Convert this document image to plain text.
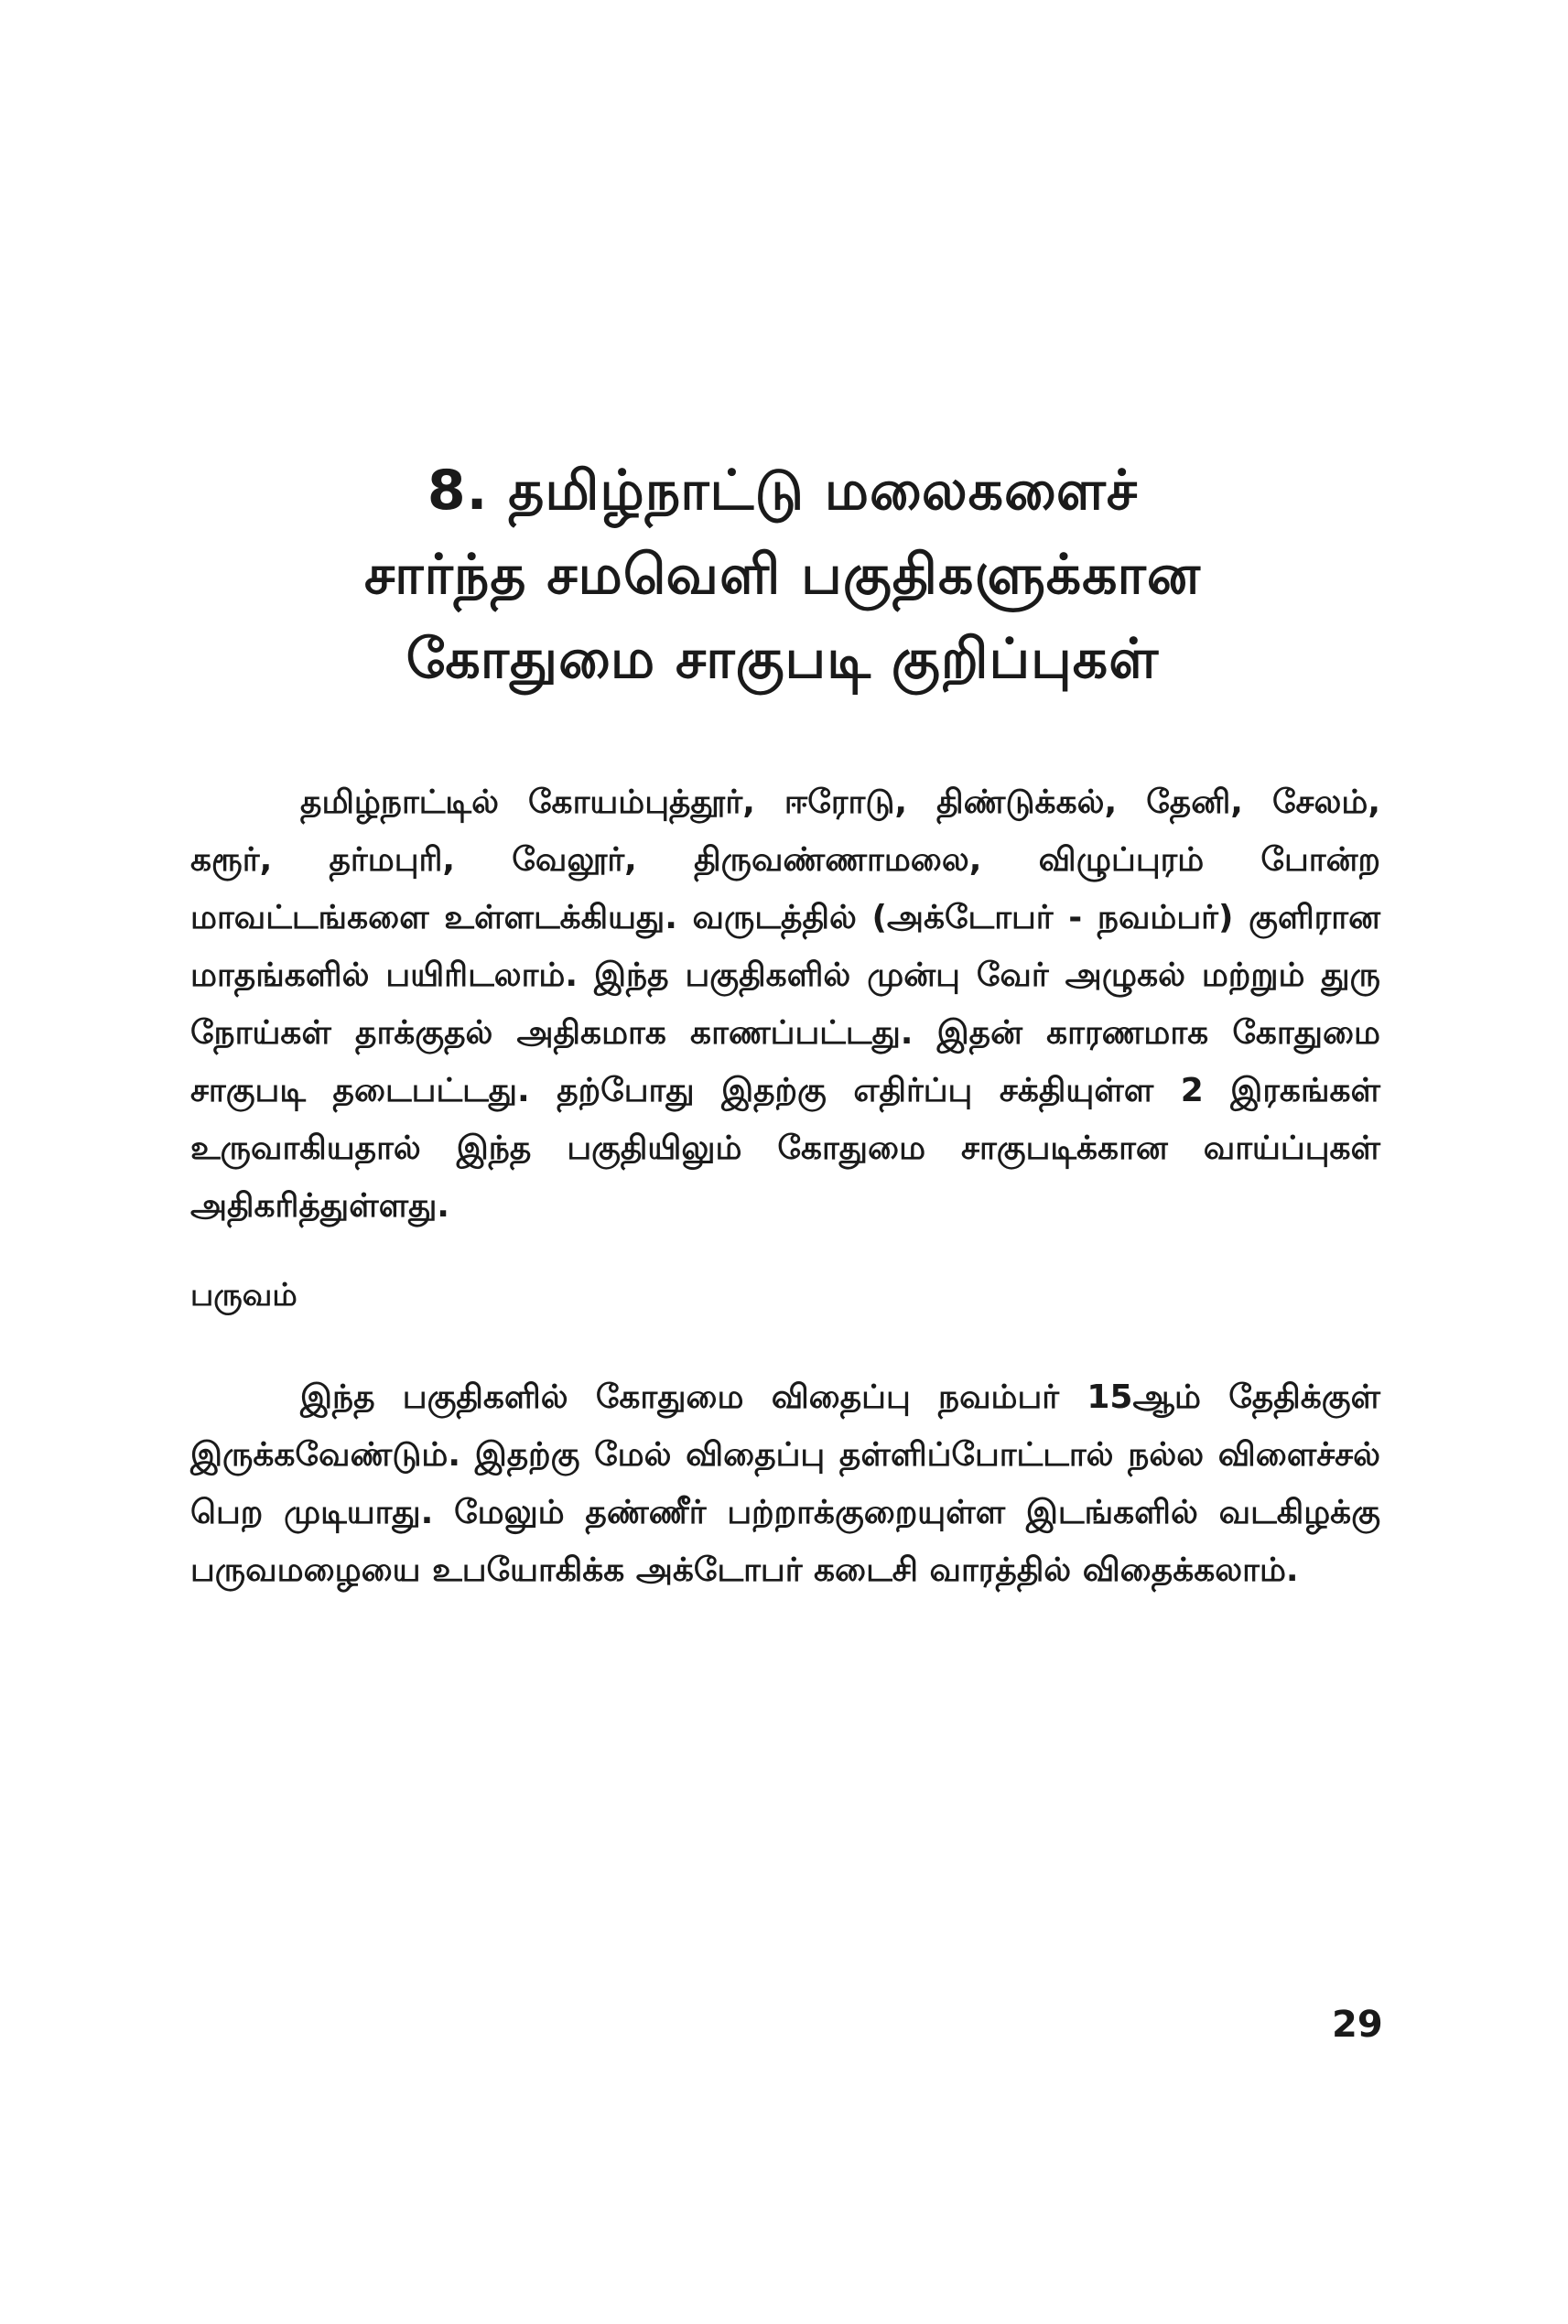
8. தமிழ்நாட்டு மலைகளைச்
சார்ந்த சமவெளி பகுதிகளுக்கான
கோதுமை சாகுபடி குறிப்புகள்

தமிழ்நாட்டில் கோயம்புத்தூர், ஈரோடு, திண்டுக்கல், தேனி, சேலம், கரூர், தர்மபுரி, வேலூர், திருவண்ணாமலை, விழுப்புரம் போன்ற மாவட்டங்களை உள்ளடக்கியது. வருடத்தில் (அக்டோபர் - நவம்பர்) குளிரான மாதங்களில் பயிரிடலாம். இந்த பகுதிகளில் முன்பு வேர் அழுகல் மற்றும் துரு நோய்கள் தாக்குதல் அதிகமாக காணப்பட்டது. இதன் காரணமாக கோதுமை சாகுபடி தடைபட்டது. தற்போது இதற்கு எதிர்ப்பு சக்தியுள்ள 2 இரகங்கள் உருவாகியதால் இந்த பகுதியிலும் கோதுமை சாகுபடிக்கான வாய்ப்புகள் அதிகரித்துள்ளது.

பருவம்

இந்த பகுதிகளில் கோதுமை விதைப்பு நவம்பர் 15ஆம் தேதிக்குள் இருக்கவேண்டும். இதற்கு மேல் விதைப்பு தள்ளிப்போட்டால் நல்ல விளைச்சல் பெற முடியாது. மேலும் தண்ணீர் பற்றாக்குறையுள்ள இடங்களில் வடகிழக்கு பருவமழையை உபயோகிக்க அக்டோபர் கடைசி வாரத்தில் விதைக்கலாம்.

29
